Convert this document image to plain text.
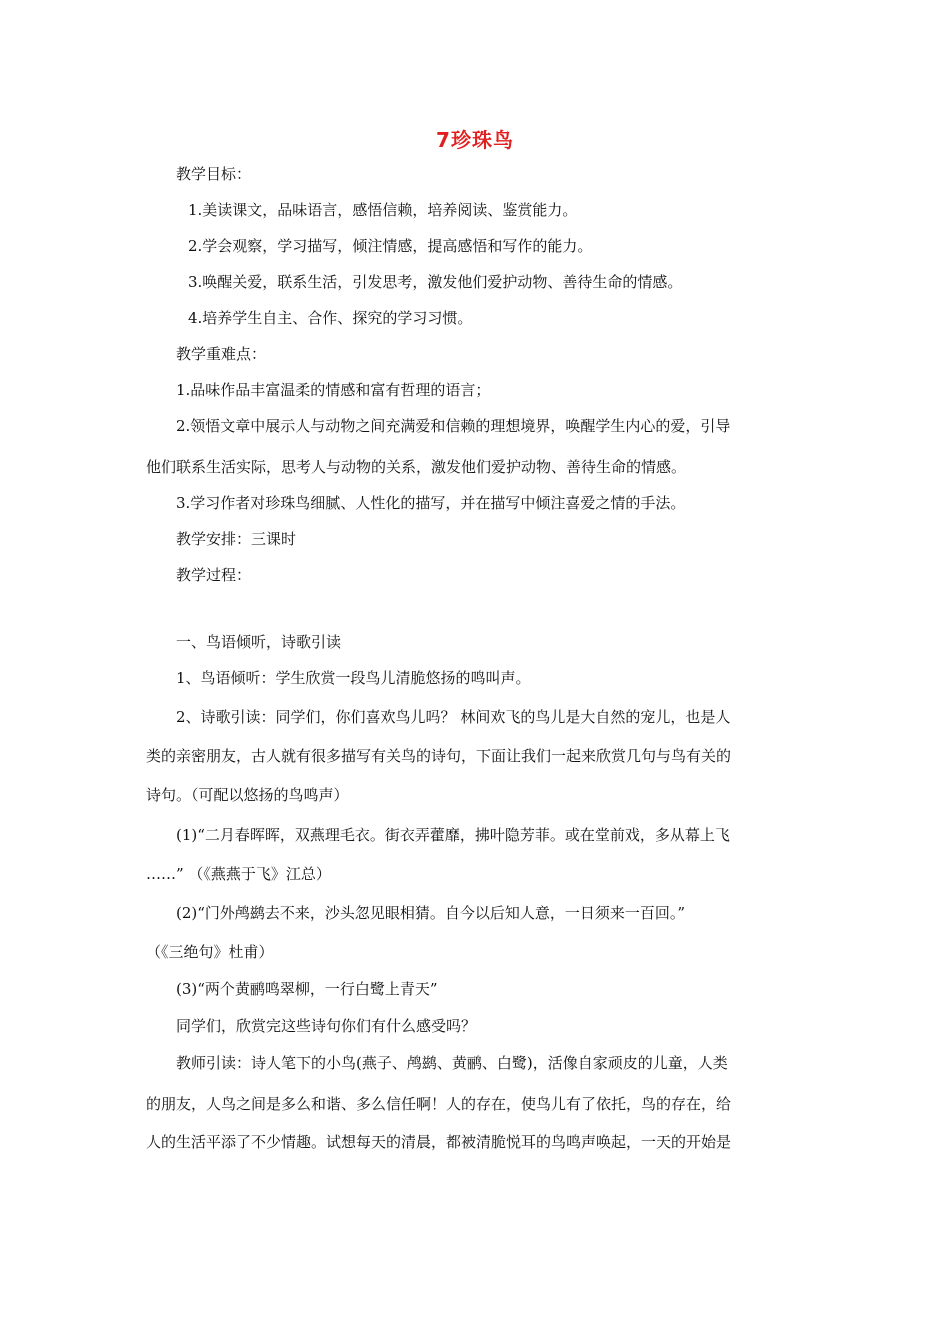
7珍珠鸟
教学目标：
1.美读课文，品味语言，感悟信赖，培养阅读、鉴赏能力。
2.学会观察，学习描写，倾注情感，提高感悟和写作的能力。
3.唤醒关爱，联系生活，引发思考，激发他们爱护动物、善待生命的情感。
4.培养学生自主、合作、探究的学习习惯。
教学重难点：
1.品味作品丰富温柔的情感和富有哲理的语言；
2.领悟文章中展示人与动物之间充满爱和信赖的理想境界，唤醒学生内心的爱，引导
他们联系生活实际，思考人与动物的关系，激发他们爱护动物、善待生命的情感。
3.学习作者对珍珠鸟细腻、人性化的描写，并在描写中倾注喜爱之情的手法。
教学安排：三课时
教学过程：
一、鸟语倾听，诗歌引读
1、鸟语倾听：学生欣赏一段鸟儿清脆悠扬的鸣叫声。
2、诗歌引读：同学们，你们喜欢鸟儿吗？ 林间欢飞的鸟儿是大自然的宠儿，也是人
类的亲密朋友，古人就有很多描写有关鸟的诗句，下面让我们一起来欣赏几句与鸟有关的
诗句。（可配以悠扬的鸟鸣声）
(1)“二月春晖晖，双燕理毛衣。街衣弄藿靡，拂叶隐芳菲。或在堂前戏，多从幕上飞
……” （《燕燕于飞》江总）
(2)“门外鸬鹚去不来，沙头忽见眼相猜。自今以后知人意，一日须来一百回。”
（《三绝句》杜甫）
(3)“两个黄鹂鸣翠柳，一行白鹭上青天”
同学们，欣赏完这些诗句你们有什么感受吗？
教师引读：诗人笔下的小鸟(燕子、鸬鹚、黄鹂、白鹭)，活像自家顽皮的儿童，人类
的朋友，人鸟之间是多么和谐、多么信任啊！人的存在，使鸟儿有了依托，鸟的存在，给
人的生活平添了不少情趣。试想每天的清晨，都被清脆悦耳的鸟鸣声唤起，一天的开始是
